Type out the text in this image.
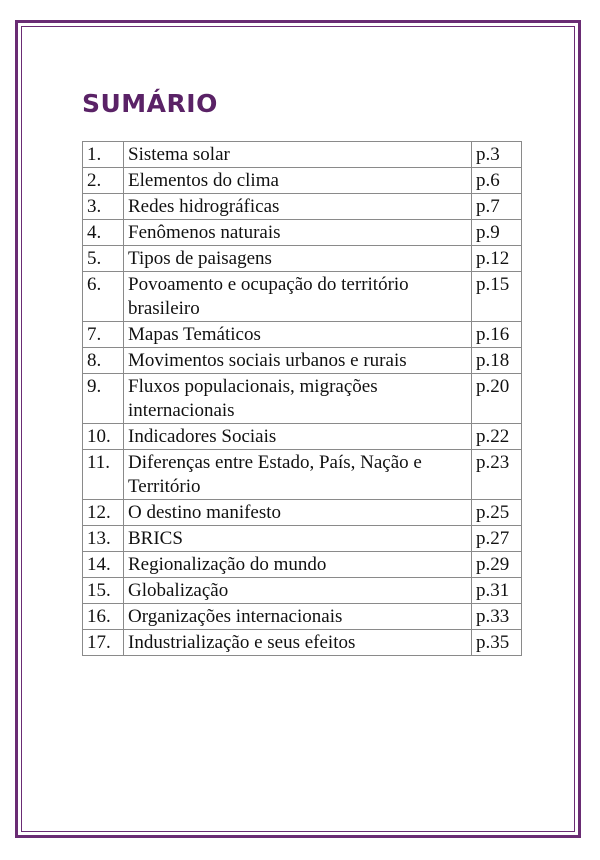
SUMÁRIO
1.	Sistema solar	p.3
2.	Elementos do clima	p.6
3.	Redes hidrográficas	p.7
4.	Fenômenos naturais	p.9
5.	Tipos de paisagens	p.12
6.	Povoamento e ocupação do território brasileiro	p.15
7.	Mapas Temáticos	p.16
8.	Movimentos sociais urbanos e rurais	p.18
9.	Fluxos populacionais, migrações internacionais	p.20
10.	Indicadores Sociais	p.22
11.	Diferenças entre Estado, País, Nação e Território	p.23
12.	O destino manifesto	p.25
13.	BRICS	p.27
14.	Regionalização do mundo	p.29
15.	Globalização	p.31
16.	Organizações internacionais	p.33
17.	Industrialização e seus efeitos	p.35
